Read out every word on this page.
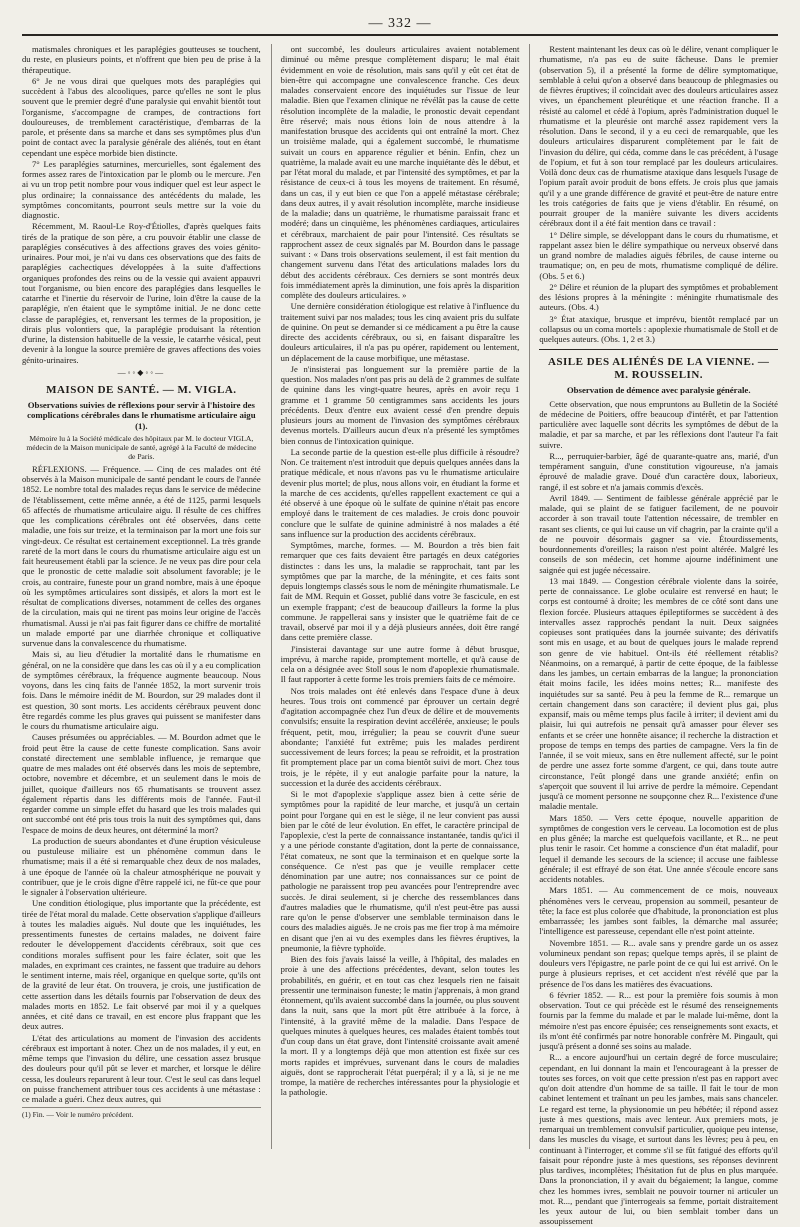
— 332 —

matismales chroniques et les paraplégies goutteuses se touchent, du reste, en plusieurs points, et n'offrent que bien peu de prise à la thérapeutique.

6° Je ne vous dirai que quelques mots des paraplégies qui succèdent à l'abus des alcooliques, parce qu'elles ne sont le plus souvent que le premier degré d'une paralysie qui envahit bientôt tout l'organisme, s'accompagne de crampes, de contractions fort douloureuses, de tremblement caractéristique, d'embarras de la parole, et présente dans sa marche et dans ses symptômes plus d'un point de contact avec la paralysie générale des aliénés, tout en étant cependant une espèce morbide bien distincte.

7° Les paraplégies saturnines, mercurielles, sont également des formes assez rares de l'intoxication par le plomb ou le mercure. J'en ai vu un trop petit nombre pour vous indiquer quel est leur aspect le plus ordinaire; la connaissance des antécédents du malade, les symptômes concomitants, pourront seuls mettre sur la voie du diagnostic.

Récemment, M. Raoul-Le Roy-d'Étiolles, d'après quelques faits tirés de la pratique de son père, a cru pouvoir établir une classe de paraplégies consécutives à des affections graves des voies génito-urinaires. Pour moi, je n'ai vu dans ces observations que des faits de paraplégies cachectiques développées à la suite d'affections organiques profondes des reins ou de la vessie qui avaient appauvri tout l'organisme, ou bien encore des paraplégies dans lesquelles le catarrhe et l'inertie du réservoir de l'urine, loin d'être la cause de la paraplégie, n'en étaient que le symptôme initial. Je ne donc cette classe de paraplégies, et, renversant les termes de la proposition, je dirais plus volontiers que, la paraplégie produisant la rétention d'urine, la distension habituelle de la vessie, le catarrhe vésical, peut devenir à la longue la source première de graves affections des voies génito-urinaires.

—◦◦◆◦◦—
MAISON DE SANTÉ. — M. VIGLA.
Observations suivies de réflexions pour servir à l'histoire des complications cérébrales dans le rhumatisme articulaire aigu (1).
Mémoire lu à la Société médicale des hôpitaux par M. le docteur VIGLA, médecin de la Maison municipale de santé, agrégé à la Faculté de médecine de Paris.

RÉFLEXIONS. — Fréquence. — Cinq de ces malades ont été observés à la Maison municipale de santé pendant le cours de l'année 1852. Le nombre total des malades reçus dans le service de médecine de l'établissement, cette même année, a été de 1125, parmi lesquels 65 affectés de rhumatisme articulaire aigu. Il résulte de ces chiffres que les complications cérébrales ont été observées, dans cette maladie, une fois sur treize, et la terminaison par la mort une fois sur vingt-deux. Ce résultat est certainement exceptionnel. La très grande rareté de la mort dans le cours du rhumatisme articulaire aigu est un fait heureusement établi par la science. Je ne veux pas dire pour cela que le pronostic de cette maladie soit absolument favorable; je le crois, au contraire, funeste pour un grand nombre, mais à une époque où les symptômes articulaires sont dissipés, et alors la mort est le résultat de complications diverses, notamment de celles des organes de la circulation, mais qui ne tirent pas moins leur origine de l'accès rhumatismal. Aussi je n'ai pas fait figurer dans ce chiffre de mortalité un malade emporté par une diarrhée chronique et colliquative survenue dans la convalescence du rhumatisme.

Mais si, au lieu d'étudier la mortalité dans le rhumatisme en général, on ne la considère que dans les cas où il y a eu complication de symptômes cérébraux, la fréquence augmente beaucoup. Nous voyons, dans les cinq faits de l'année 1852, la mort survenir trois fois. Dans le mémoire inédit de M. Bourdon, sur 29 malades dont il est question, 30 sont morts. Les accidents cérébraux peuvent donc être regardés comme les plus graves qui puissent se manifester dans le cours du rhumatisme articulaire aigu.

Causes présumées ou appréciables. — M. Bourdon admet que le froid peut être la cause de cette funeste complication. Sans avoir constaté directement une semblable influence, je remarque que quatre de mes malades ont été observés dans les mois de septembre, octobre, novembre et décembre, et un seulement dans le mois de juillet, quoique d'ailleurs nos 65 rhumatisants se trouvent assez également répartis dans les différents mois de l'année. Faut-il regarder comme un simple effet du hasard que les trois malades qui ont succombé ont été pris tous trois la nuit des symptômes qui, dans l'espace de moins de deux heures, ont déterminé la mort?

La production de sueurs abondantes et d'une éruption vésiculeuse ou pustuleuse miliaire est un phénomène commun dans le rhumatisme; mais il a été si remarquable chez deux de nos malades, à une époque de l'année où la chaleur atmosphérique ne pouvait y contribuer, que je le crois digne d'être rappelé ici, ne fût-ce que pour le signaler à l'observation ultérieure.

Une condition étiologique, plus importante que la précédente, est tirée de l'état moral du malade. Cette observation s'applique d'ailleurs à toutes les maladies aiguës. Nul doute que les inquiétudes, les pressentiments funestes de certains malades, ne doivent faire redouter le développement d'accidents cérébraux, soit que ces conditions morales suffisent pour les faire éclater, soit que les malades, en exprimant ces craintes, ne fassent que traduire au dehors le sentiment interne, mais réel, organique en quelque sorte, qu'ils ont de la gravité de leur état. On trouvera, je crois, une justification de cette assertion dans les détails fournis par l'observation de deux des malades morts en 1852. Le fait observé par moi il y a quelques années, et cité dans ce travail, en est encore plus frappant que les deux autres.

L'état des articulations au moment de l'invasion des accidents cérébraux est important à noter. Chez un de nos malades, il y eut, en même temps que l'invasion du délire, une cessation assez brusque des douleurs pour qu'il pût se lever et marcher, et lorsque le délire cessa, les douleurs reparurent à leur tour. C'est le seul cas dans lequel on puisse franchement attribuer tous ces accidents à une métastase : ce malade a guéri. Chez deux autres, qui

(1) Fin. — Voir le numéro précédent.

ont succombé, les douleurs articulaires avaient notablement diminué ou même presque complètement disparu; le mal était évidemment en voie de résolution, mais sans qu'il y eût cet état de bien-être qui accompagne une convalescence franche. Ces deux malades conservaient encore des inquiétudes sur l'issue de leur maladie. Bien que l'examen clinique ne révélât pas la cause de cette résolution incomplète de la maladie, le pronostic devait cependant être réservé; mais nous étions loin de nous attendre à la manifestation brusque des accidents qui ont entraîné la mort. Chez un troisième malade, qui a également succombé, le rhumatisme suivait un cours en apparence régulier et bénin. Enfin, chez un quatrième, la malade avait eu une marche inquiétante dès le début, et par l'état moral du malade, et par l'intensité des symptômes, et par la résistance de ceux-ci à tous les moyens de traitement. En résumé, dans un cas, il y eut bien ce que l'on a appelé métastase cérébrale; dans deux autres, il y avait résolution incomplète, marche insidieuse de la maladie; dans un quatrième, le rhumatisme paraissait franc et modéré; dans un cinquième, les phénomènes cardiaques, articulaires et cérébraux, marchaient de pair pour l'intensité. Ces résultats se rapprochent assez de ceux signalés par M. Bourdon dans le passage suivant : « Dans trois observations seulement, il est fait mention du changement survenu dans l'état des articulations malades lors du début des accidents cérébraux. Ces derniers se sont montrés deux fois immédiatement après la diminution, une fois après la disparition complète des douleurs articulaires. »

Une dernière considération étiologique est relative à l'influence du traitement suivi par nos malades; tous les cinq avaient pris du sulfate de quinine. On peut se demander si ce médicament a pu être la cause directe des accidents cérébraux, ou si, en faisant disparaître les douleurs articulaires, il n'a pas pu opérer, rapidement ou lentement, un déplacement de la cause morbifique, une métastase.

Je n'insisterai pas longuement sur la première partie de la question. Nos malades n'ont pas pris au delà de 2 grammes de sulfate de quinine dans les vingt-quatre heures, après en avoir reçu 1 gramme et 1 gramme 50 centigrammes sans accidents les jours précédents. Deux d'entre eux avaient cessé d'en prendre depuis plusieurs jours au moment de l'invasion des symptômes cérébraux devenus mortels. D'ailleurs aucun d'eux n'a présenté les symptômes bien connus de l'intoxication quinique.

La seconde partie de la question est-elle plus difficile à résoudre? Non. Ce traitement n'est introduit que depuis quelques années dans la pratique médicale, et nous n'avons pas vu le rhumatisme articulaire devenir plus mortel; de plus, nous allons voir, en étudiant la forme et la marche de ces accidents, qu'elles rappellent exactement ce qui a été observé à une époque où le sulfate de quinine n'était pas encore employé dans le traitement de ces maladies. Je crois donc pouvoir conclure que le sulfate de quinine administré à nos malades a été sans influence sur la production des accidents cérébraux.

Symptômes, marche, formes. — M. Bourdon a très bien fait remarquer que ces faits devaient être partagés en deux catégories distinctes : dans les uns, la maladie se rapprochait, tant par les symptômes que par la marche, de la méningite, et ces faits sont depuis longtemps classés sous le nom de méningite rhumatismale. Le fait de MM. Requin et Gosset, publié dans votre 3e fascicule, en est un exemple frappant; c'est de beaucoup d'ailleurs la forme la plus commune. Je rappellerai sans y insister que le quatrième fait de ce travail, observé par moi il y a déjà plusieurs années, doit être rangé dans cette première classe.

J'insisterai davantage sur une autre forme à début brusque, imprévu, à marche rapide, promptement mortelle, et qu'à cause de cela on a désignée avec Stoll sous le nom d'apoplexie rhumatismale. Il faut rapporter à cette forme les trois premiers faits de ce mémoire.

Nos trois malades ont été enlevés dans l'espace d'une à deux heures. Tous trois ont commencé par éprouver un certain degré d'agitation accompagnée chez l'un d'eux de délire et de mouvements convulsifs; ensuite la respiration devint accélérée, anxieuse; le pouls fréquent, petit, mou, irrégulier; la peau se couvrit d'une sueur abondante; l'anxiété fut extrême; puis les malades perdirent successivement de leurs forces; la peau se refroidit, et la prostration fit promptement place par un coma bientôt suivi de mort. Chez tous trois, je le répète, il y eut analogie parfaite pour la nature, la succession et la durée des accidents cérébraux.

Si le mot d'apoplexie s'applique assez bien à cette série de symptômes pour la rapidité de leur marche, et jusqu'à un certain point pour l'organe qui en est le siège, il ne leur convient pas aussi bien par le côté de leur évolution. En effet, le caractère principal de l'apoplexie, c'est la perte de connaissance instantanée, tandis qu'ici il y a une période constante d'agitation, dont la perte de connaissance, l'état comateux, ne sont que la terminaison et en quelque sorte la conséquence. Ce n'est pas que je veuille remplacer cette dénomination par une autre; nos connaissances sur ce point de pathologie ne paraissent trop peu avancées pour l'entreprendre avec succès. Je dirai seulement, si je cherche des ressemblances dans d'autres maladies que le rhumatisme, qu'il n'est peut-être pas aussi rare qu'on le pense d'observer une semblable terminaison dans le cours des maladies aiguës. Je ne crois pas me fier trop à ma mémoire en disant que j'en ai vu des exemples dans les fièvres éruptives, la pneumonie, la fièvre typhoïde.

Bien des fois j'avais laissé la veille, à l'hôpital, des malades en proie à une des affections précédentes, devant, selon toutes les probabilités, en guérir, et en tout cas chez lesquels rien ne faisait pressentir une terminaison funeste; le matin j'apprenais, à mon grand étonnement, qu'ils avaient succombé dans la journée, ou plus souvent dans la nuit, sans que la mort pût être attribuée à la force, à l'intensité, à la gravité même de la maladie. Dans l'espace de quelques minutes à quelques heures, ces malades étaient tombés tout d'un coup dans un état grave, dont l'intensité croissante avait amené la mort. Il y a longtemps déjà que mon attention est fixée sur ces morts rapides et imprévues, survenant dans le cours de maladies aiguës, dont se rapprocherait l'état puerpéral; il y a là, si je ne me trompe, la matière de recherches intéressantes pour la physiologie et la pathologie.

Restent maintenant les deux cas où le délire, venant compliquer le rhumatisme, n'a pas eu de suite fâcheuse. Dans le premier (observation 5), il a présenté la forme de délire symptomatique, semblable à celui qu'on a observé dans beaucoup de phlegmasies ou de fièvres éruptives; il coïncidait avec des douleurs articulaires assez vives, un épanchement pleurétique et une réaction franche. Il a résisté au calomel et cédé à l'opium, après l'administration duquel le rhumatisme et la pleurésie ont marché assez rapidement vers la résolution. Dans le second, il y a eu ceci de remarquable, que les douleurs articulaires disparurent complètement par le fait de l'invasion du délire, qui céda, comme dans le cas précédent, à l'usage de l'opium, et fut à son tour remplacé par les douleurs articulaires. Voilà donc deux cas de rhumatisme ataxique dans lesquels l'usage de l'opium paraît avoir produit de bons effets. Je crois plus que jamais qu'il y a une grande différence de gravité et peut-être de nature entre les trois catégories de faits que je viens d'établir. En résumé, on pourrait grouper de la manière suivante les divers accidents cérébraux dont il a été fait mention dans ce travail :

1° Délire simple, se développant dans le cours du rhumatisme, et rappelant assez bien le délire sympathique ou nerveux observé dans un grand nombre de maladies aiguës fébriles, de cause interne ou traumatique; on, en peu de mots, rhumatisme compliqué de délire. (Obs. 5 et 6.)

2° Délire et réunion de la plupart des symptômes et probablement des lésions propres à la méningite : méningite rhumatismale des auteurs. (Obs. 4.)

3° État ataxique, brusque et imprévu, bientôt remplacé par un collapsus ou un coma mortels : apoplexie rhumatismale de Stoll et de quelques auteurs. (Obs. 1, 2 et 3.)

ASILE DES ALIÉNÉS DE LA VIENNE. — M. ROUSSELIN.
Observation de démence avec paralysie générale.

Cette observation, que nous empruntons au Bulletin de la Société de médecine de Poitiers, offre beaucoup d'intérêt, et par l'attention particulière avec laquelle sont décrits les symptômes de début de la maladie, et par sa marche, et par les réflexions dont l'auteur l'a fait suivre.

R..., perruquier-barbier, âgé de quarante-quatre ans, marié, d'un tempérament sanguin, d'une constitution vigoureuse, n'a jamais éprouvé de maladie grave. Doué d'un caractère doux, laborieux, rangé, il est sobre et n'a jamais commis d'excès.

Avril 1849. — Sentiment de faiblesse générale apprécié par le malade, qui se plaint de se fatiguer facilement, de ne pouvoir accorder à son travail toute l'attention nécessaire, de trembler en rasant ses clients, ce qui lui cause un vif chagrin, par la crainte qu'il a de ne pouvoir désormais gagner sa vie. Étourdissements, bourdonnements d'oreilles; la raison n'est point altérée. Malgré les conseils de son médecin, cet homme ajourne indéfiniment une saignée qui est jugée nécessaire.

13 mai 1849. — Congestion cérébrale violente dans la soirée, perte de connaissance. Le globe oculaire est renversé en haut; le corps est contourné à droite; les membres de ce côté sont dans une flexion forcée. Plusieurs attaques épileptiformes se succèdent à des intervalles assez rapprochés pendant la nuit. Deux saignées copieuses sont pratiquées dans la journée suivante; des dérivatifs sont mis en usage, et au bout de quelques jours le malade reprend son genre de vie habituel. Ont-ils été réellement rétablis? Néanmoins, on a remarqué, à partir de cette époque, de la faiblesse dans les jambes, un certain embarras de la langue; la prononciation était moins facile, les idées moins nettes; R... manifeste des inquiétudes sur sa santé. Peu à peu la femme de R... remarque un certain changement dans son caractère; il devient plus gai, plus expansif, mais ou même temps plus facile à irriter; il devient ami du plaisir, lui qui autrefois ne pensait qu'à amasser pour élever ses enfants et se créer une honnête aisance; il recherche la distraction et propose de temps en temps des parties de campagne. Vers la fin de l'année, il se voit mieux, sans en être nullement affecté, sur le point de perdre une assez forte somme d'argent, ce qui, dans toute autre circonstance, l'eût plongé dans une grande anxiété; enfin on s'aperçoit que souvent il lui arrive de perdre la mémoire. Cependant jusqu'à ce moment personne ne soupçonne chez R... l'existence d'une maladie mentale.

Mars 1850. — Vers cette époque, nouvelle apparition de symptômes de congestion vers le cerveau. La locomotion est de plus en plus gênée; la marche est quelquefois vacillante, et R... ne peut plus tenir le rasoir. Cet homme a conscience d'un état maladif, pour lequel il demande les secours de la science; il accuse une faiblesse générale; il est effrayé de son état. Une année s'écoule encore sans accidents notables.

Mars 1851. — Au commencement de ce mois, nouveaux phénomènes vers le cerveau, propension au sommeil, pesanteur de tête; la face est plus colorée que d'habitude, la prononciation est plus embarrassée; les jambes sont faibles, la démarche mal assurée; l'intelligence est paresseuse, cependant elle n'est point atteinte.

Novembre 1851. — R... avale sans y prendre garde un os assez volumineux pendant son repas; quelque temps après, il se plaint de douleurs vers l'épigastre, ne parle point de ce qui lui est arrivé. On le purge à plusieurs reprises, et cet accident n'est révélé que par la présence de l'os dans les matières des évacuations.

6 février 1852. — R... est pour la première fois soumis à mon observation. Tout ce qui précède est le résumé des renseignements fournis par la femme du malade et par le malade lui-même, dont la mémoire n'est pas encore épuisée; ces renseignements sont exacts, et ils m'ont été confirmés par notre honorable confrère M. Pingault, qui jusqu'à présent a donné ses soins au malade.

R... a encore aujourd'hui un certain degré de force musculaire; cependant, en lui donnant la main et l'encourageant à la presser de toutes ses forces, on voit que cette pression n'est pas en rapport avec qu'on doit attendre d'un homme de sa taille. Il fait le tour de mon cabinet lentement et traînant un peu les jambes, mais sans chanceler. Le regard est terne, la physionomie un peu hébétée; il répond assez juste à mes questions, mais avec lenteur. Aux premiers mots, je remarquai un tremblement convulsif particulier, quoique peu intense, dans les muscles du visage, et surtout dans les lèvres; peu à peu, en continuant à l'interroger, et comme s'il se fût fatigué des efforts qu'il faisait pour répondre juste à mes questions, ses réponses devinrent plus tardives, incomplètes; l'hésitation fut de plus en plus marquée. Dans la prononciation, il y avait du bégaiement; la langue, comme chez les hommes ivres, semblait ne pouvoir tourner ni articuler un mot. R..., pendant que j'interrogeais sa femme, portait distraitement les yeux autour de lui, ou bien semblait tomber dans un assoupissement
